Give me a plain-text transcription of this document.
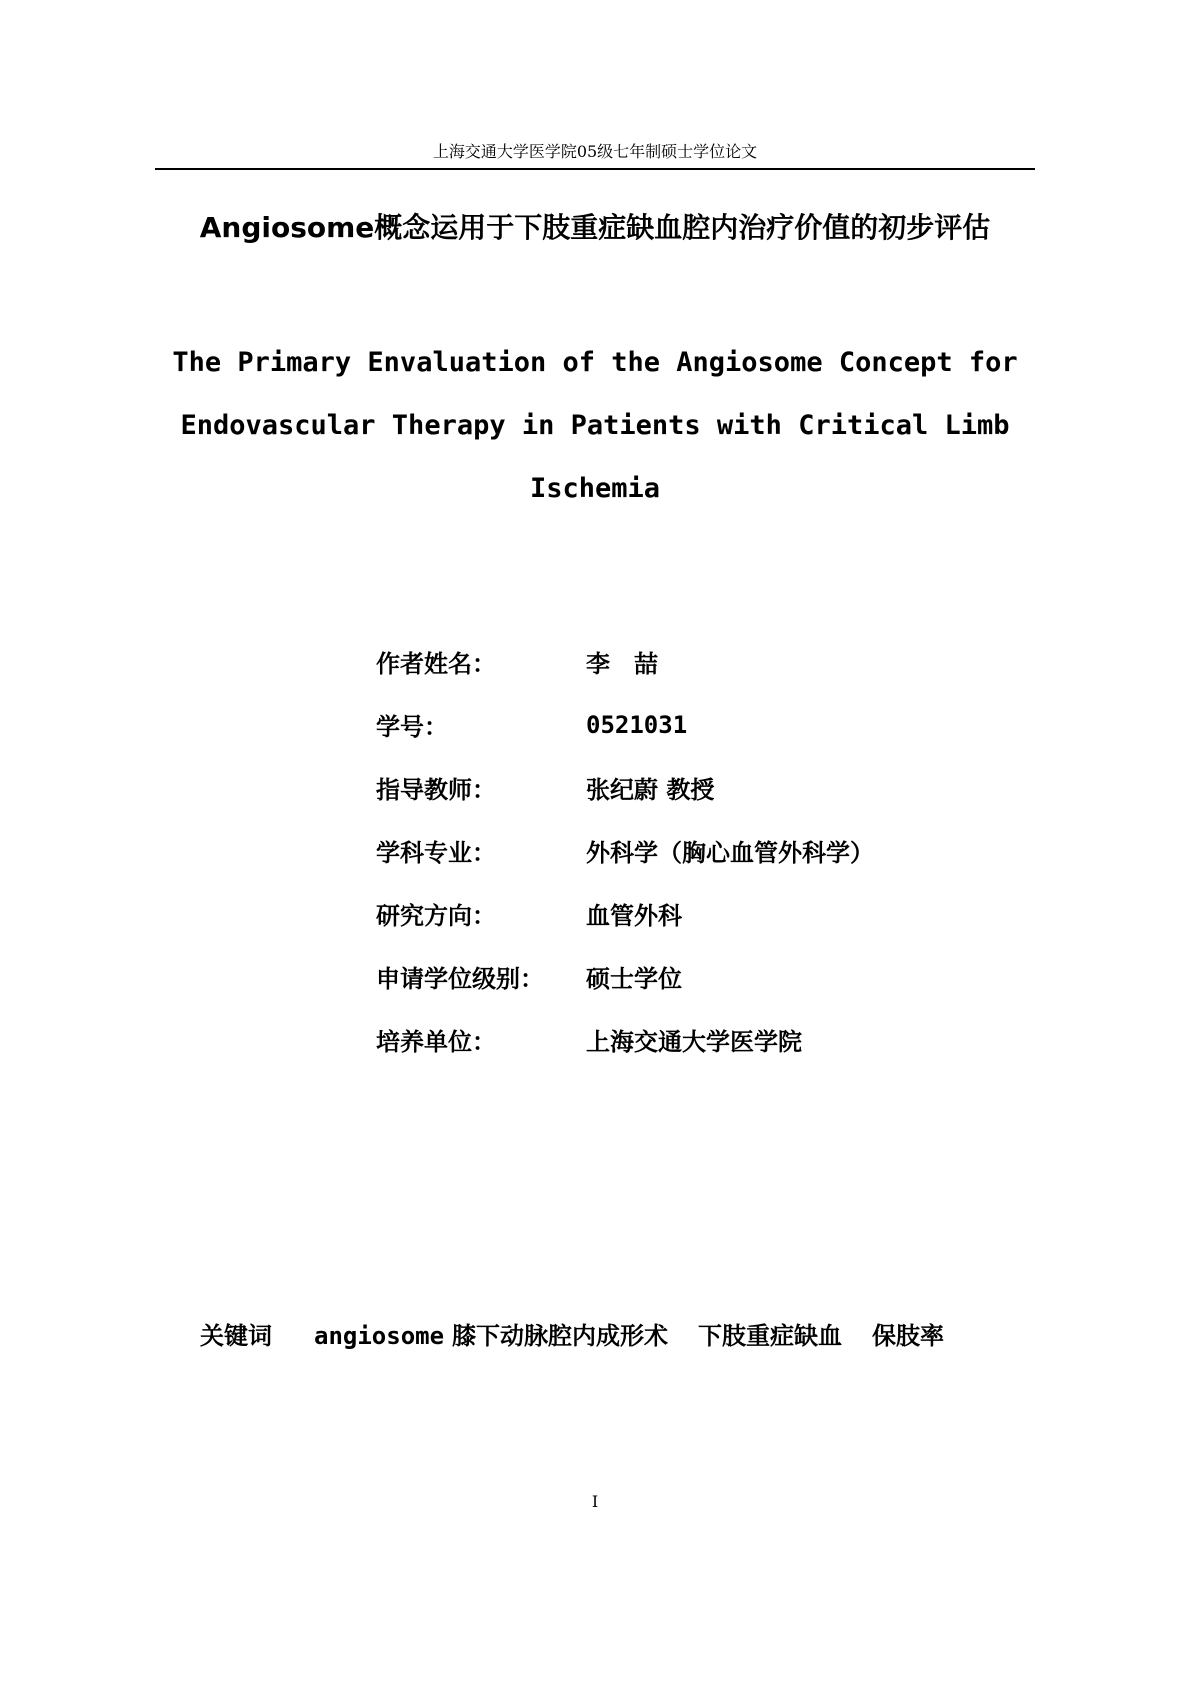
上海交通大学医学院05级七年制硕士学位论文
Angiosome概念运用于下肢重症缺血腔内治疗价值的初步评估
The Primary Envaluation of the Angiosome Concept for
Endovascular Therapy in Patients with Critical Limb
Ischemia
作者姓名：	李　喆
学号：	0521031
指导教师：	张纪蔚 教授
学科专业：	外科学（胸心血管外科学）
研究方向：	血管外科
申请学位级别：	硕士学位
培养单位：	上海交通大学医学院
关键词 angiosome 膝下动脉腔内成形术 下肢重症缺血 保肢率
I
